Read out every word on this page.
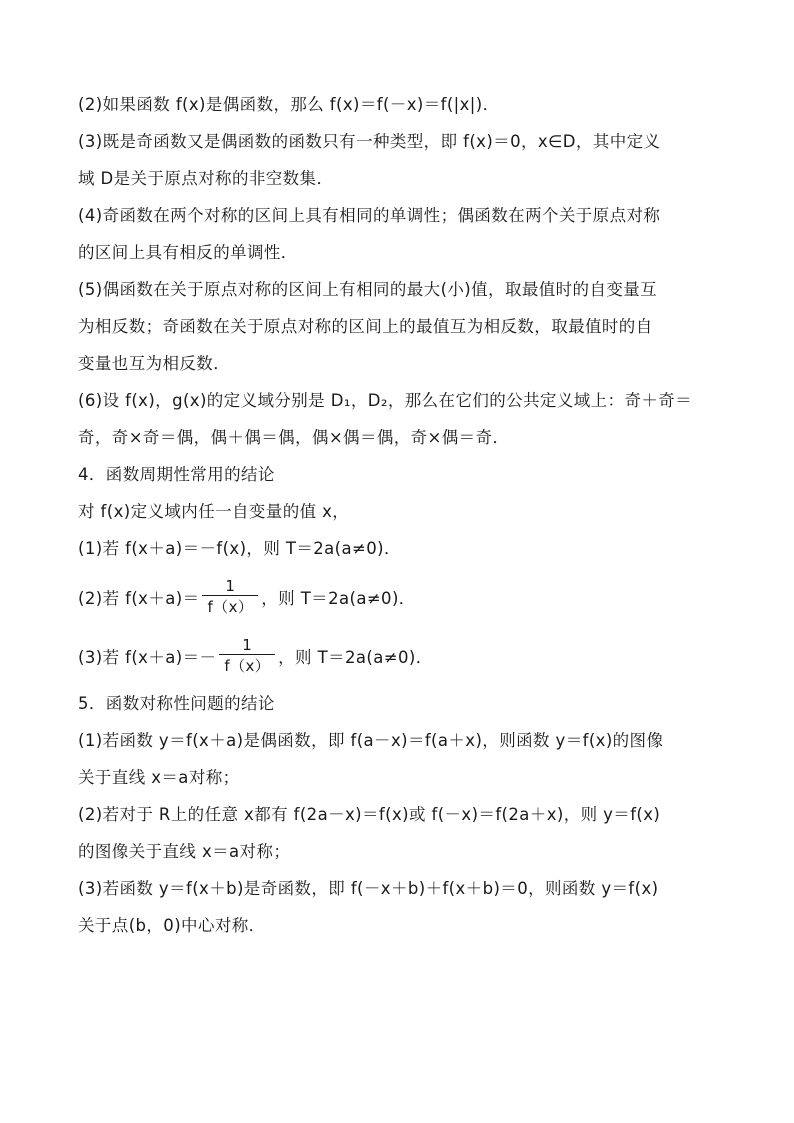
(2)如果函数 f(x)是偶函数，那么 f(x)＝f(－x)＝f(|x|)．

(3)既是奇函数又是偶函数的函数只有一种类型，即 f(x)＝0，x∈D，其中定义

域 D是关于原点对称的非空数集．

(4)奇函数在两个对称的区间上具有相同的单调性；偶函数在两个关于原点对称

的区间上具有相反的单调性．

(5)偶函数在关于原点对称的区间上有相同的最大(小)值，取最值时的自变量互

为相反数；奇函数在关于原点对称的区间上的最值互为相反数，取最值时的自

变量也互为相反数．

(6)设 f(x)，g(x)的定义域分别是 D₁，D₂，那么在它们的公共定义域上：奇＋奇＝

奇，奇×奇＝偶，偶＋偶＝偶，偶×偶＝偶，奇×偶＝奇．

4．函数周期性常用的结论

对 f(x)定义域内任一自变量的值 x，

(1)若 f(x＋a)＝－f(x)，则 T＝2a(a≠0)．

(2)若 $f(x+a)= \frac{1}{f(x)}$ ，则 T＝2a(a≠0)．
(3)若 $f(x+a)=- \frac{1}{f(x)}$ ，则 T＝2a(a≠0)．

5．函数对称性问题的结论

(1)若函数 y＝f(x＋a)是偶函数，即 f(a－x)＝f(a＋x)，则函数 y＝f(x)的图像

关于直线 x＝a对称；

(2)若对于 R上的任意 x都有 f(2a－x)＝f(x)或 f(－x)＝f(2a＋x)，则 y＝f(x)

的图像关于直线 x＝a对称；

(3)若函数 y＝f(x＋b)是奇函数，即 f(－x＋b)＋f(x＋b)＝0，则函数 y＝f(x)

关于点(b，0)中心对称．
